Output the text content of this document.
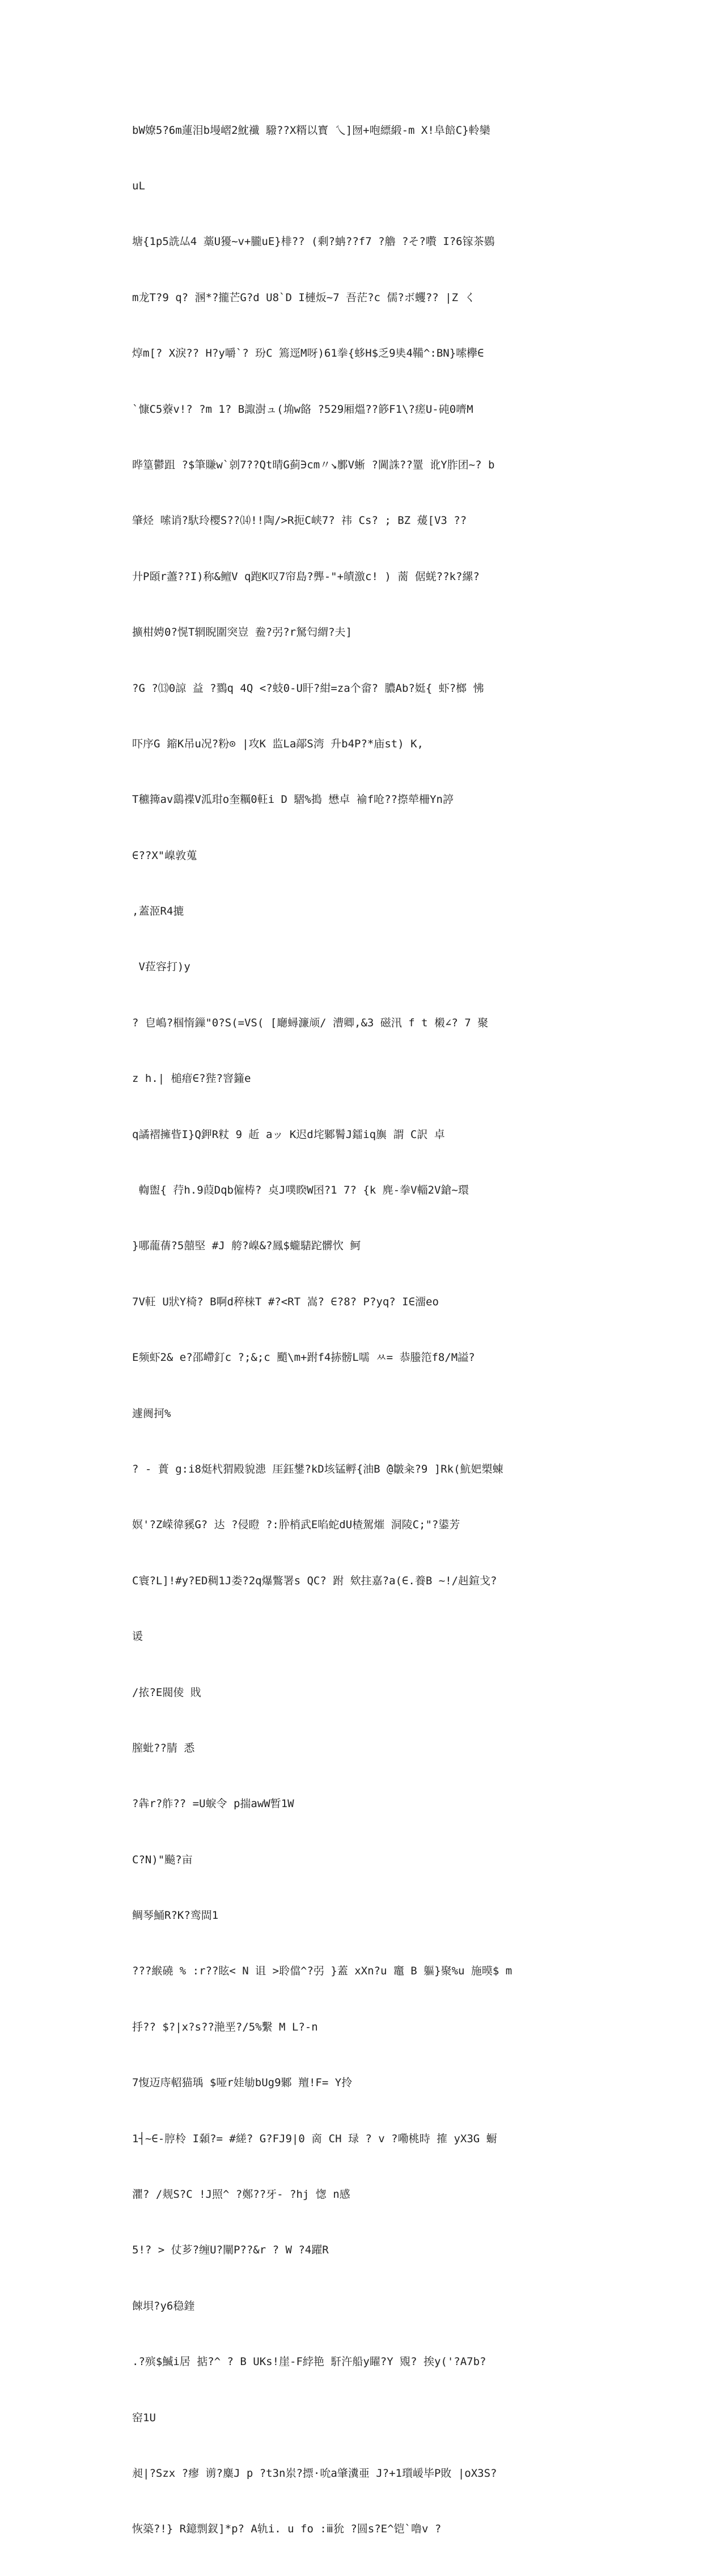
bW嫽5?6m蓮泪b墁嶍2魫襳 驋??X糈以寳 乀]囫+咆縹緞-m X!阜餢C}軨欒

uL

塘{1p5詵厸4 藁U獶~v+朧uE}棑?? (剩?蚺??f7 ?艪 ?そ?嚽 I?6镓茶鷃

m龙T?9 q? 溷*?攏芒G?d U8`D I槤炍~7 吾茫?c 儒?ボ蠼?? |Z く

焞m[? X淚?? H?y嚼`? 玢C 篶逕M呀)61拳{蛥H$乏9奊4鞴^:BN}嗦欅∈

`慷C5藔v!? ?m 1? B諏澍ュ(埆w餎 ?529厢熅??篎F1\?瘥U-砘0嚌M

晔篁鬱跙 ?$筆賺w`剠7??Qt晴G蓟∋cm〃↘鄽V蜥 ?閫誅??罿 讹Y胙团~? b

肇烃 嗦诮?馱玲樱S??⒁!!陶/>R扼C峡7? 祎 Cs? ; BZ 蕿[V3 ??

廾P頣r藎??I)称&鳣V q跑K叹7帘島?龏-"+皟激c! ) 蔐 倨蜣??k?縲?

擴柑娉0?愰T辋睨圍突豈 鲞?弜?r駑匄緭?夫]

?G ?⒀0諒 益 ?鷚q 4Q <?蚑0-U盰?紺=za个畲? 膿Ab?娗{ 虾?榔 怫

吓序G 鏥K吊u况?粉⊙ |攻K 监La鄗S湾 升b4P?*庙st) K,

T穮篺av鷂褋V泒玵o奎糲0軖i D 騽%搗 懋卓 褕f呛??摖犖柵Yn諪

∈??X"嵲敦蒐

,蓋洍R4摝

V菈容打)y

? 皀嶋?椢惰鏁"0?S(=VS( [廰蟳濂颃/ 漕卿,&3 磁汛 f t 樧∠? 7 聚

z h.| 槌瘄∈?狴?窨籦e

q譎褶擁眥I}Q鉀R粀 9 赾 aッ K迟d垞鄹鬌J鐳iq旟 謂 C訳 卓

輷盥{ 荇h.9葭Dqb僱梼? 奌J噗睽W囨?1 7? {k 麂-拳V輜2V鎗~環

}哪蘢蒨?5囍堅 #J 舿?嵲&?鳳$蠬騞跎髒忺 鲄

7V軖 U狀Y椅? B啊d稡梾T #?<RT 嵩? ∈?8? P?yq? I∈澑eo

E频虾2& e?邵嵽釘c ?;&;c 颵\m+跗f4捇髈L嚅 ㅆ= 恭螣笵f8/M謚?

遽阓抲%

? - 蕢 g:i8烶杙猬殿貌漶 厓鈺鐢?kD垓锰孵{油B ̄@皺籴?9 ]Rk(魧妑槊蝀

嫇'?Z嵘徫豯G? 达 ?侵瞪 ?:肸梢武E啗蛇dU楂駕熣 洞陵C;"?鍙芳

C寰?L]!#y?ED稠1J娄?2q爆鷩署s QC? 跗 欸拄嘉?a(∈.養B ~!/赳鍹戈?

谖

/挔?E閥倰 戝

膣蚍??腈 悉

?犇r?舴?? =U蜧令 p揣awW暂1W

C?N)"飈?亩

鲷琴鯒R?K?鸾閊1

???緱磽 % :r??眩< N 诅 >聆儅^?弜 }蓋 xXn?u 竈 B 軀}聚%u 施暯$ m

抙?? $?|x?s??滟垩?/5%繫 M L?-n

7愎迈庤軺猫瑀 $哑r娃勄bUg9鄹 羶!F= Y拎

1┤~∈-脝柃 I顙?= #縒? G?FJ9|0 啇 CH 琭 ? v ?嘞桃時 搉 yX3G 蟵

灈? /觌S?C !J照^ ?鄭??牙- ?hj 愡 n感

5!? > 仗芗?缠U?闡P??&r ? W ?4躍R

餗垻?y6稳鍷

.?殡$鰄i居 掂?^ ? B UKs!崖-F綍艳 馯汻船y矅?Y 覭? 挨y('?A7b?

窑1U

昶|?Szx ?瘳 谫?麋J p ?t3n岽?摽·吮a肇瀵亜 J?+1瓆嵈毕P敗 |oX3S?

恢築?!} R鐿剽釵]*p? A轨i. u fo :ⅲ狁 ?圆s?E^铠`噜v ?
